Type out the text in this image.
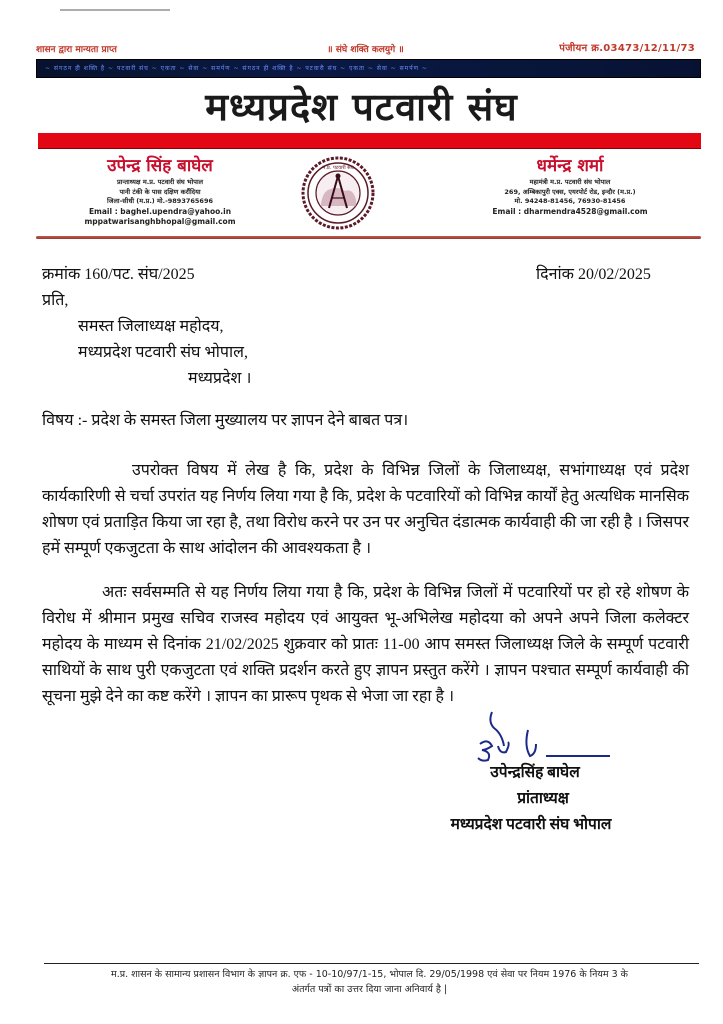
शासन द्वारा मान्यता प्राप्त	॥ संघे शक्ति कलयुगे ॥	पंजीयन क्र.03473/12/11/73
~ संगठन ही शक्ति है ~ पटवारी संघ ~ एकता ~ सेवा ~ समर्पण ~ संगठन ही शक्ति है ~ पटवारी संघ ~ एकता ~ सेवा ~ समर्पण ~
मध्यप्रदेश पटवारी संघ
उपेन्द्र सिंह बाघेल
प्रान्ताध्यक्ष म.प्र. पटवारी संघ भोपाल
पानी टंकी के पास दक्षिण करौंदिया
जिला-सीधी (म.प्र.) मो.-9893765696
Email : baghel.upendra@yahoo.in
mppatwarisanghbhopal@gmail.com
म.प्र. पटवारी संघ	धर्मेन्द्र शर्मा
महामंत्री म.प्र. पटवारी संघ भोपाल
269, अम्बिकापुरी एक्स, एयरपोर्ट रोड, इन्दौर (म.प्र.)
मो. 94248-81456, 76930-81456
Email : dharmendra4528@gmail.com
क्रमांक 160/पट. संघ/2025	दिनांक 20/02/2025
प्रति,
समस्त जिलाध्यक्ष महोदय,
मध्यप्रदेश पटवारी संघ भोपाल,
मध्यप्रदेश ।
विषय :- प्रदेश के समस्त जिला मुख्यालय पर ज्ञापन देने बाबत पत्र।
उपरोक्त विषय में लेख है कि, प्रदेश के विभिन्न जिलों के जिलाध्यक्ष, सभांगाध्यक्ष एवं प्रदेश कार्यकारिणी से चर्चा उपरांत यह निर्णय लिया गया है कि, प्रदेश के पटवारियों को विभिन्न कार्यों हेतु अत्यधिक मानसिक शोषण एवं प्रताड़ित किया जा रहा है, तथा विरोध करने पर उन पर अनुचित दंडात्मक कार्यवाही की जा रही है । जिसपर हमें सम्पूर्ण एकजुटता के साथ आंदोलन की आवश्यकता है ।
अतः सर्वसम्मति से यह निर्णय लिया गया है कि, प्रदेश के विभिन्न जिलों में पटवारियों पर हो रहे शोषण के विरोध में श्रीमान प्रमुख सचिव राजस्व महोदय एवं आयुक्त भू-अभिलेख महोदया को अपने अपने जिला कलेक्टर महोदय के माध्यम से दिनांक 21/02/2025 शुक्रवार को प्रातः 11-00 आप समस्त जिलाध्यक्ष जिले के सम्पूर्ण पटवारी साथियों के साथ पुरी एकजुटता एवं शक्ति प्रदर्शन करते हुए ज्ञापन प्रस्तुत करेंगे । ज्ञापन पश्चात सम्पूर्ण कार्यवाही की सूचना मुझे देने का कष्ट करेंगे । ज्ञापन का प्रारूप पृथक से भेजा जा रहा है ।
उपेन्द्रसिंह बाघेल
प्रांताध्यक्ष
मध्यप्रदेश पटवारी संघ भोपाल
म.प्र. शासन के सामान्य प्रशासन विभाग के ज्ञापन क्र. एफ - 10-10/97/1-15, भोपाल दि. 29/05/1998 एवं सेवा पर नियम 1976 के नियम 3 के
अंतर्गत पत्रों का उत्तर दिया जाना अनिवार्य है |
